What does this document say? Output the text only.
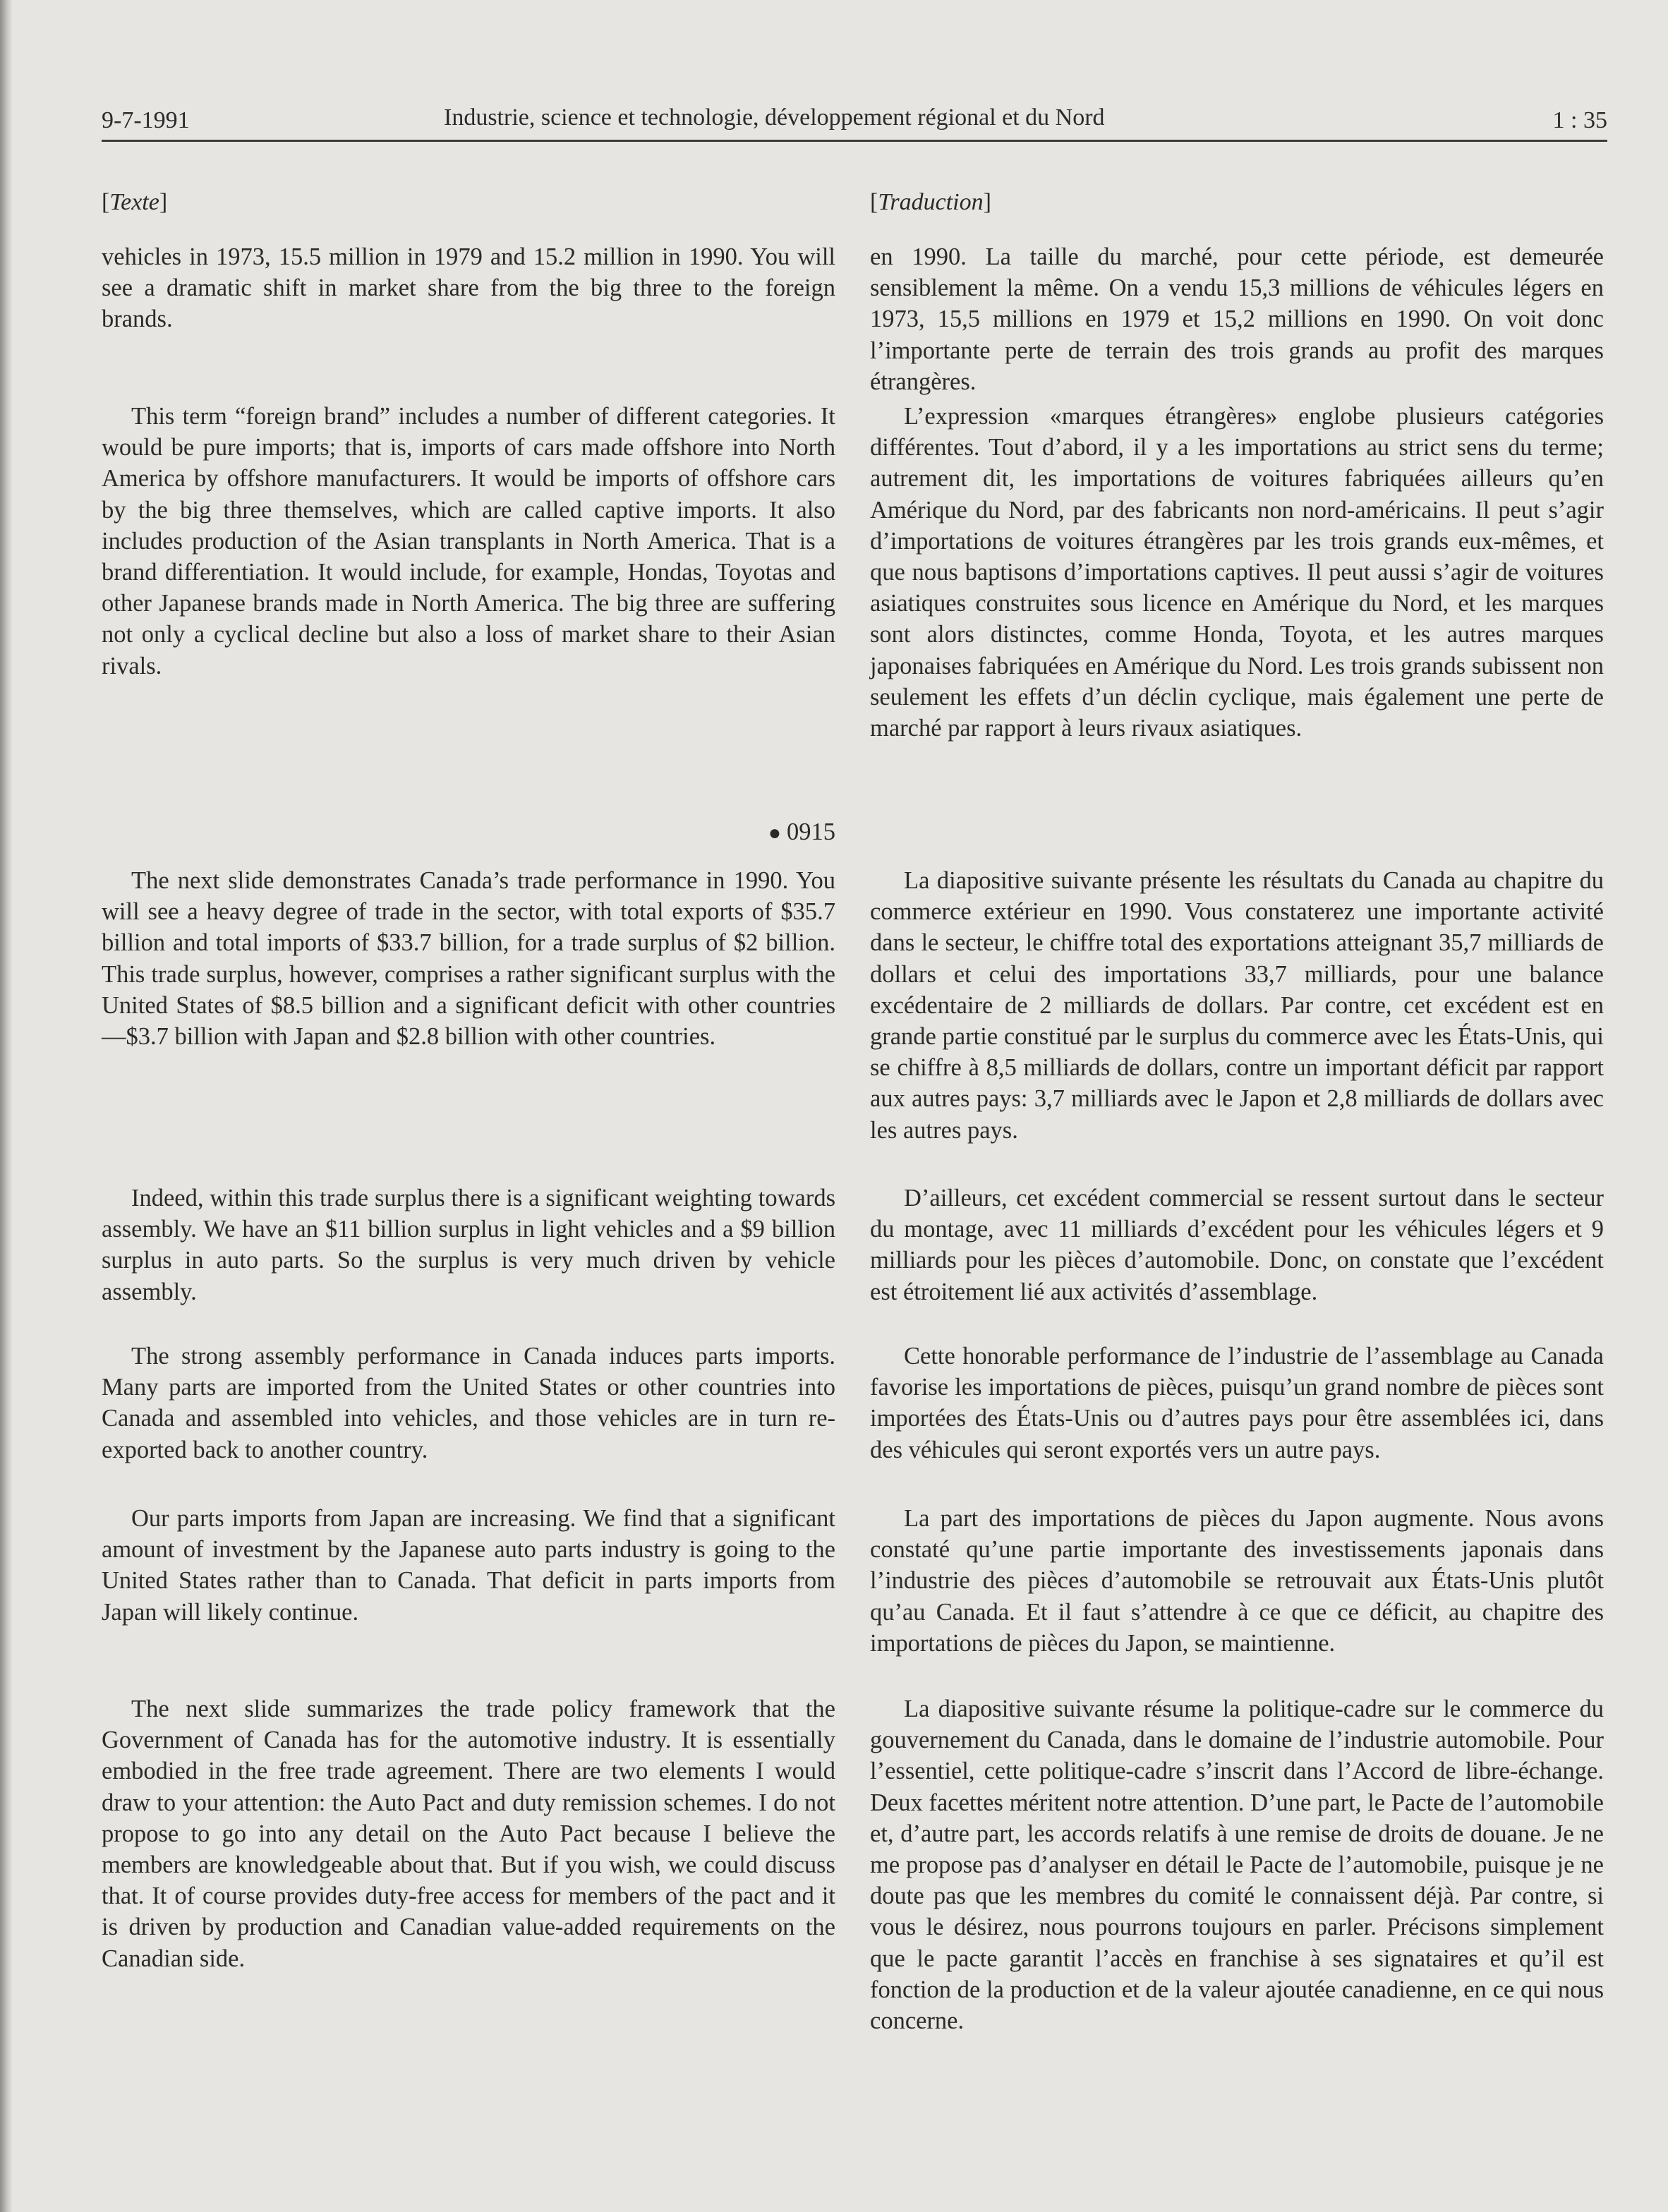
9-7-1991	Industrie, science et technologie, développement régional et du Nord	1 : 35
[Texte]	[Traduction]

vehicles in 1973, 15.5 million in 1979 and 15.2 million in 1990. You will see a dramatic shift in market share from the big three to the foreign brands.

This term “foreign brand” includes a number of different categories. It would be pure imports; that is, imports of cars made offshore into North America by offshore manufacturers. It would be imports of offshore cars by the big three themselves, which are called captive imports. It also includes production of the Asian transplants in North America. That is a brand differentiation. It would include, for example, Hondas, Toyotas and other Japanese brands made in North America. The big three are suffering not only a cyclical decline but also a loss of market share to their Asian rivals.

● 0915

The next slide demonstrates Canada’s trade performance in 1990. You will see a heavy degree of trade in the sector, with total exports of $35.7 billion and total imports of $33.7 billion, for a trade surplus of $2 billion. This trade surplus, however, comprises a rather significant surplus with the United States of $8.5 billion and a significant deficit with other countries—$3.7 billion with Japan and $2.8 billion with other countries.

Indeed, within this trade surplus there is a significant weighting towards assembly. We have an $11 billion surplus in light vehicles and a $9 billion surplus in auto parts. So the surplus is very much driven by vehicle assembly.

The strong assembly performance in Canada induces parts imports. Many parts are imported from the United States or other countries into Canada and assembled into vehicles, and those vehicles are in turn re-exported back to another country.

Our parts imports from Japan are increasing. We find that a significant amount of investment by the Japanese auto parts industry is going to the United States rather than to Canada. That deficit in parts imports from Japan will likely continue.

The next slide summarizes the trade policy framework that the Government of Canada has for the automotive industry. It is essentially embodied in the free trade agreement. There are two elements I would draw to your attention: the Auto Pact and duty remission schemes. I do not propose to go into any detail on the Auto Pact because I believe the members are knowledgeable about that. But if you wish, we could discuss that. It of course provides duty-free access for members of the pact and it is driven by production and Canadian value-added requirements on the Canadian side.

en 1990. La taille du marché, pour cette période, est demeurée sensiblement la même. On a vendu 15,3 millions de véhicules légers en 1973, 15,5 millions en 1979 et 15,2 millions en 1990. On voit donc l’importante perte de terrain des trois grands au profit des marques étrangères.

L’expression «marques étrangères» englobe plusieurs catégories différentes. Tout d’abord, il y a les importations au strict sens du terme; autrement dit, les importations de voitures fabriquées ailleurs qu’en Amérique du Nord, par des fabricants non nord-américains. Il peut s’agir d’importations de voitures étrangères par les trois grands eux-mêmes, et que nous baptisons d’importations captives. Il peut aussi s’agir de voitures asiatiques construites sous licence en Amérique du Nord, et les marques sont alors distinctes, comme Honda, Toyota, et les autres marques japonaises fabriquées en Amérique du Nord. Les trois grands subissent non seulement les effets d’un déclin cyclique, mais également une perte de marché par rapport à leurs rivaux asiatiques.

La diapositive suivante présente les résultats du Canada au chapitre du commerce extérieur en 1990. Vous constaterez une importante activité dans le secteur, le chiffre total des exportations atteignant 35,7 milliards de dollars et celui des importations 33,7 milliards, pour une balance excédentaire de 2 milliards de dollars. Par contre, cet excédent est en grande partie constitué par le surplus du commerce avec les États-Unis, qui se chiffre à 8,5 milliards de dollars, contre un important déficit par rapport aux autres pays: 3,7 milliards avec le Japon et 2,8 milliards de dollars avec les autres pays.

D’ailleurs, cet excédent commercial se ressent surtout dans le secteur du montage, avec 11 milliards d’excédent pour les véhicules légers et 9 milliards pour les pièces d’automobile. Donc, on constate que l’excédent est étroitement lié aux activités d’assemblage.

Cette honorable performance de l’industrie de l’assemblage au Canada favorise les importations de pièces, puisqu’un grand nombre de pièces sont importées des États-Unis ou d’autres pays pour être assemblées ici, dans des véhicules qui seront exportés vers un autre pays.

La part des importations de pièces du Japon augmente. Nous avons constaté qu’une partie importante des investissements japonais dans l’industrie des pièces d’automobile se retrouvait aux États-Unis plutôt qu’au Canada. Et il faut s’attendre à ce que ce déficit, au chapitre des importations de pièces du Japon, se maintienne.

La diapositive suivante résume la politique-cadre sur le commerce du gouvernement du Canada, dans le domaine de l’industrie automobile. Pour l’essentiel, cette politique-cadre s’inscrit dans l’Accord de libre-échange. Deux facettes méritent notre attention. D’une part, le Pacte de l’automobile et, d’autre part, les accords relatifs à une remise de droits de douane. Je ne me propose pas d’analyser en détail le Pacte de l’automobile, puisque je ne doute pas que les membres du comité le connaissent déjà. Par contre, si vous le désirez, nous pourrons toujours en parler. Précisons simplement que le pacte garantit l’accès en franchise à ses signataires et qu’il est fonction de la production et de la valeur ajoutée canadienne, en ce qui nous concerne.
